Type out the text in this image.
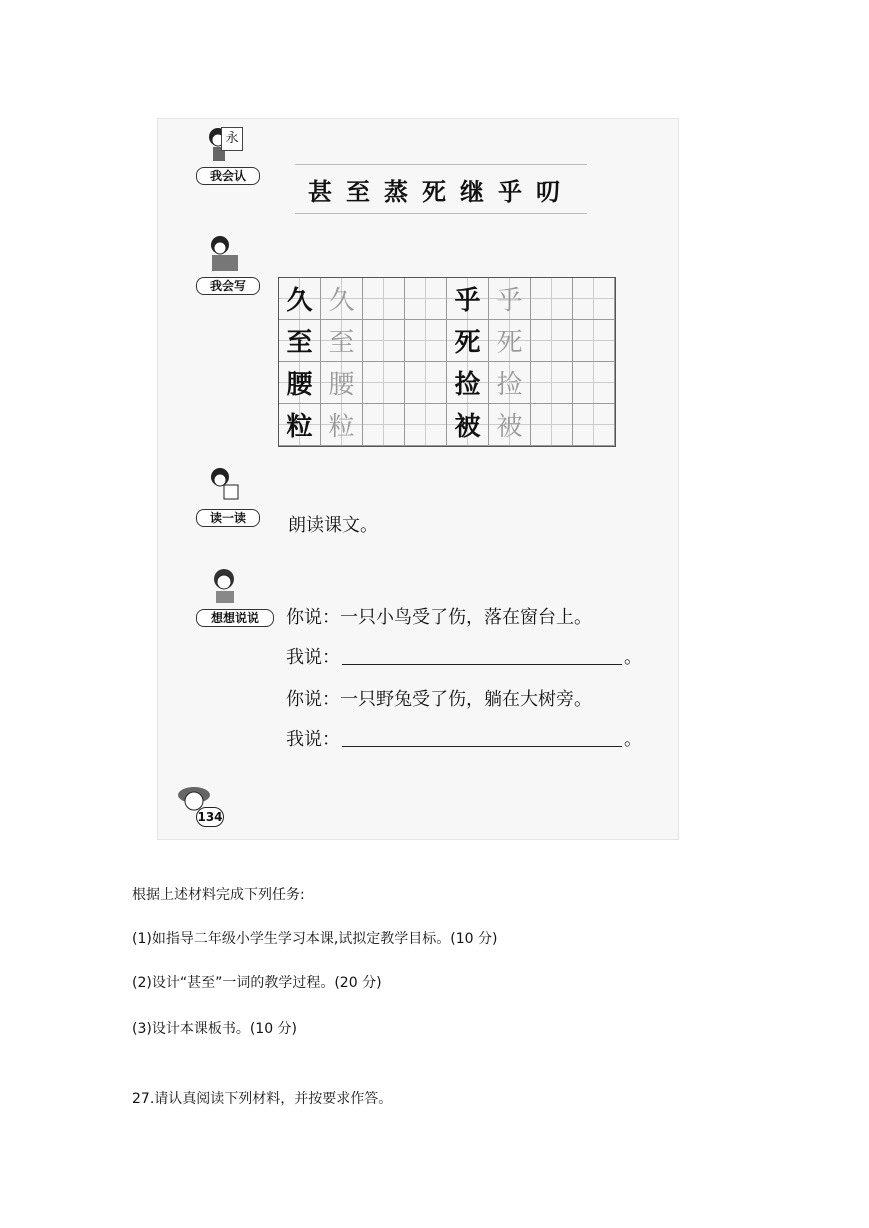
永
我会认
甚至蒸死继乎叨
我会写	久 久	乎 乎
至 至	死 死
腰 腰	捡 捡
粒 粒	被 被
读一读	朗读课文。
想想说说	你说：一只小鸟受了伤，落在窗台上。
我说：	。
你说：一只野兔受了伤，躺在大树旁。
我说：	。
134
根据上述材料完成下列任务:
(1)如指导二年级小学生学习本课,试拟定教学目标。(10 分)
(2)设计“甚至”一词的教学过程。(20 分)
(3)设计本课板书。(10 分)
27.请认真阅读下列材料，并按要求作答。
